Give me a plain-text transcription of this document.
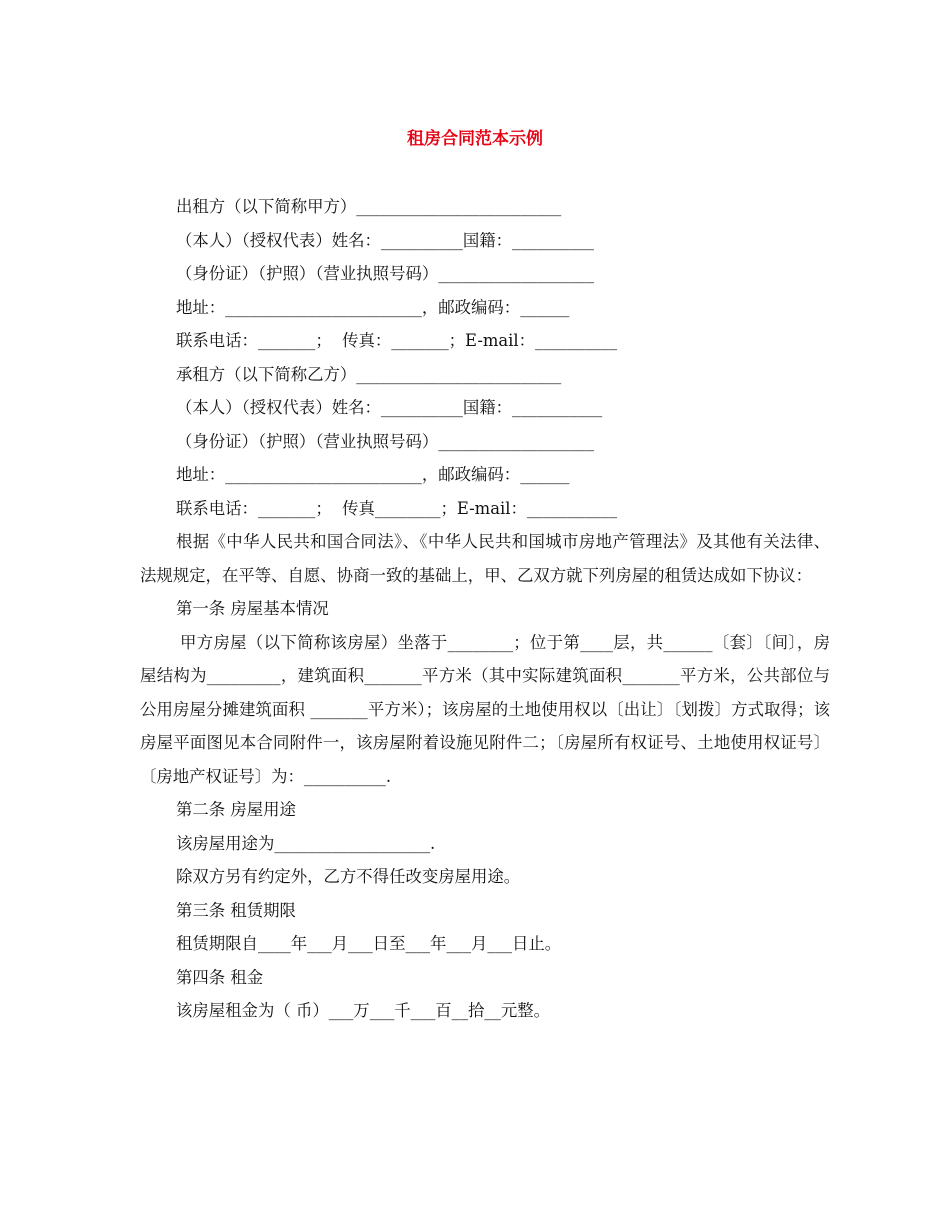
租房合同范本示例
出租方（以下简称甲方）_________________________
（本人）（授权代表）姓名：__________国籍：__________
（身份证）（护照）（营业执照号码）___________________
地址：________________________，邮政编码：______
联系电话：_______；  传真：_______；E-mail：__________
承租方（以下简称乙方）_________________________
（本人）（授权代表）姓名：__________国籍：___________
（身份证）（护照）（营业执照号码）___________________
地址：________________________，邮政编码：______
联系电话：_______；  传真________；E-mail：___________

根据《中华人民共和国合同法》、《中华人民共和国城市房地产管理法》及其他有关法律、法规规定，在平等、自愿、协商一致的基础上，甲、乙双方就下列房屋的租赁达成如下协议：

第一条 房屋基本情况

甲方房屋（以下简称该房屋）坐落于________；位于第____层，共______〔套〕〔间〕，房屋结构为_________，建筑面积_______平方米（其中实际建筑面积_______平方米，公共部位与公用房屋分摊建筑面积 _______平方米）；该房屋的土地使用权以〔出让〕〔划拨〕方式取得；该房屋平面图见本合同附件一，该房屋附着设施见附件二；〔房屋所有权证号、土地使用权证号〕〔房地产权证号〕为：__________.

第二条 房屋用途
该房屋用途为___________________.
除双方另有约定外，乙方不得任改变房屋用途。
第三条 租赁期限
租赁期限自____年___月___日至___年___月___日止。
第四条 租金
该房屋租金为（ 币）___万___千___百__拾__元整。
